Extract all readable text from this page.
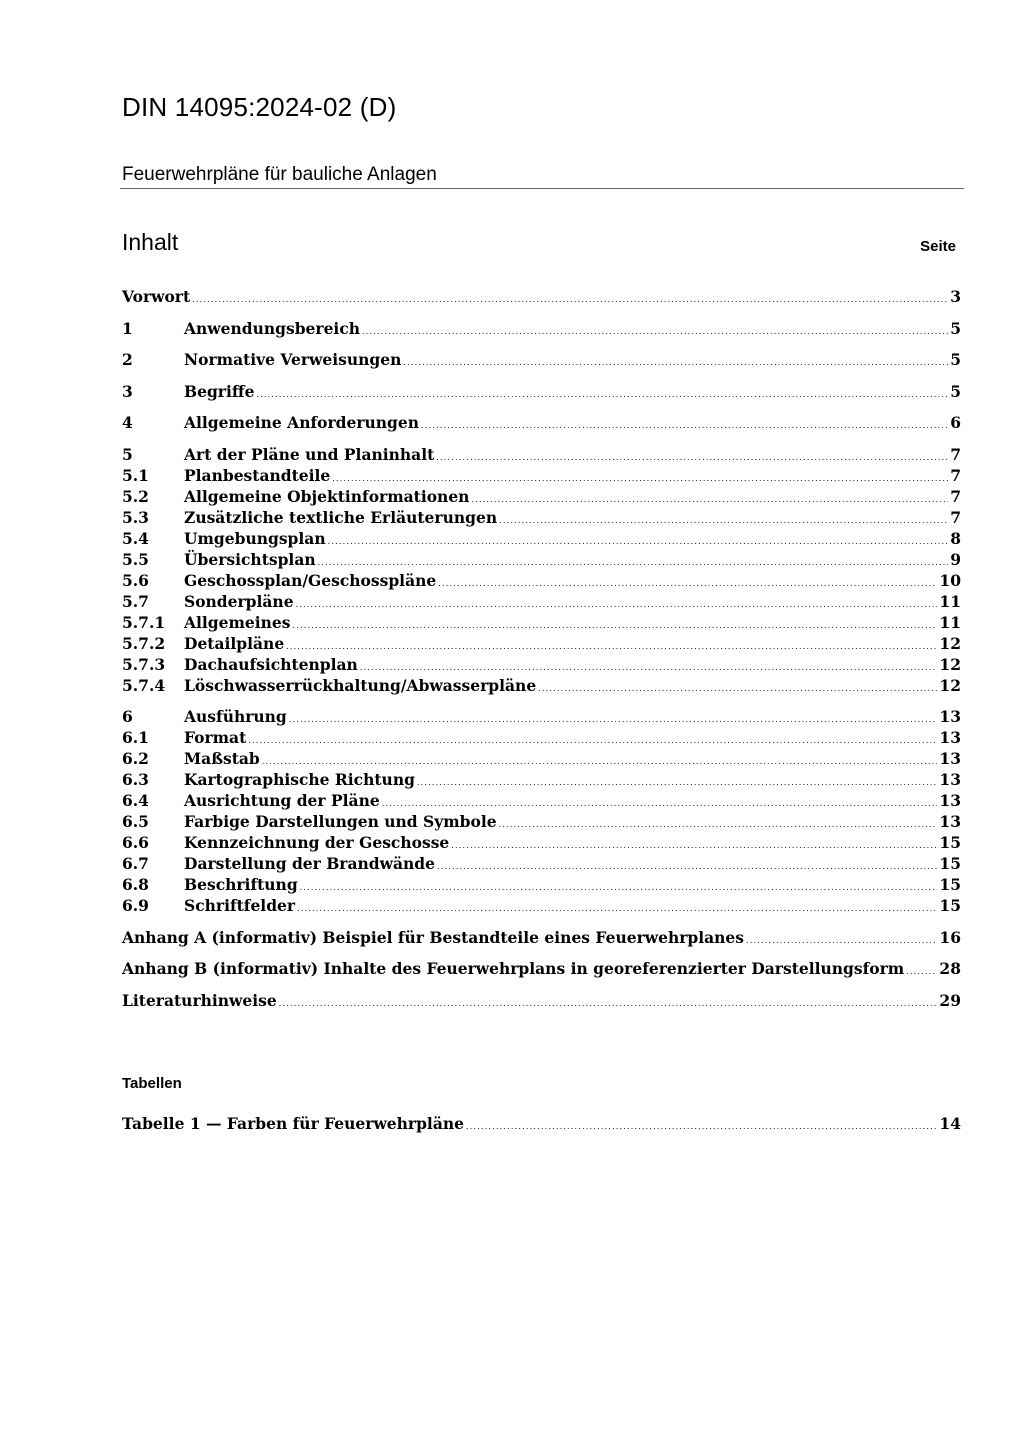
DIN 14095:2024-02 (D)
Feuerwehrpläne für bauliche Anlagen
Inhalt	Seite
Vorwort .....	3
1	Anwendungsbereich .....	5
2	Normative Verweisungen .....	5
3	Begriffe .....	5
4	Allgemeine Anforderungen .....	6
5	Art der Pläne und Planinhalt .....	7
5.1	Planbestandteile .....	7
5.2	Allgemeine Objektinformationen .....	7
5.3	Zusätzliche textliche Erläuterungen .....	7
5.4	Umgebungsplan .....	8
5.5	Übersichtsplan .....	9
5.6	Geschossplan/Geschosspläne .....	10
5.7	Sonderpläne .....	11
5.7.1	Allgemeines .....	11
5.7.2	Detailpläne .....	12
5.7.3	Dachaufsichtenplan .....	12
5.7.4	Löschwasserrückhaltung/Abwasserpläne .....	12
6	Ausführung .....	13
6.1	Format .....	13
6.2	Maßstab .....	13
6.3	Kartographische Richtung .....	13
6.4	Ausrichtung der Pläne .....	13
6.5	Farbige Darstellungen und Symbole .....	13
6.6	Kennzeichnung der Geschosse .....	15
6.7	Darstellung der Brandwände .....	15
6.8	Beschriftung .....	15
6.9	Schriftfelder .....	15
Anhang A (informativ) Beispiel für Bestandteile eines Feuerwehrplanes .....	16
Anhang B (informativ) Inhalte des Feuerwehrplans in georeferenzierter Darstellungsform ..... 28
Literaturhinweise .....	29
Tabellen
Tabelle 1 — Farben für Feuerwehrpläne .....	14
